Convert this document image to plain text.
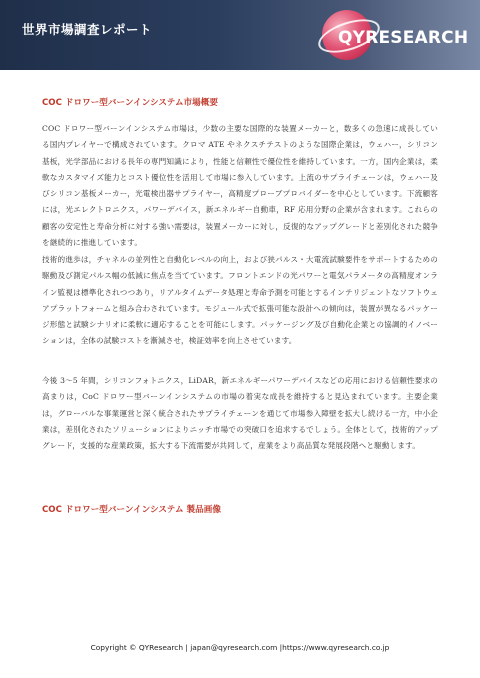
世界市場調査レポート	QYRESEARCH
COC ドロワー型バーンインシステム市場概要

COC ドロワー型バーンインシステム市場は，少数の主要な国際的な装置メーカーと，数多くの急速に成長している国内プレイヤーで構成されています。クロマ ATE やネクスチテストのような国際企業は，ウェハー，シリコン基板，光学部品における長年の専門知識により，性能と信頼性で優位性を維持しています。一方，国内企業は，柔軟なカスタマイズ能力とコスト優位性を活用して市場に参入しています。上流のサプライチェーンは，ウェハー及びシリコン基板メーカー，光電検出器サプライヤー，高精度プローブプロバイダーを中心としています。下流顧客には，光エレクトロニクス，パワーデバイス，新エネルギー自動車，RF 応用分野の企業が含まれます。これらの顧客の安定性と寿命分析に対する強い需要は，装置メーカーに対し，反復的なアップグレードと差別化された競争を継続的に推進しています。

技術的進歩は，チャネルの並列性と自動化レベルの向上，および狭パルス・大電流試験要件をサポートするための駆動及び測定パルス幅の低減に焦点を当てています。フロントエンドの光パワーと電気パラメータの高精度オンライン監視は標準化されつつあり，リアルタイムデータ処理と寿命予測を可能とするインテリジェントなソフトウェアプラットフォームと組み合わされています。モジュール式で拡張可能な設計への傾向は，装置が異なるパッケージ形態と試験シナリオに柔軟に適応することを可能にします。パッケージング及び自動化企業との協調的イノベーションは，全体の試験コストを漸減させ，検証効率を向上させています。

今後 3～5 年間，シリコンフォトニクス，LiDAR，新エネルギーパワーデバイスなどの応用における信頼性要求の高まりは，CoC ドロワー型バーンインシステムの市場の着実な成長を維持すると見込まれています。主要企業は，グローバルな事業運営と深く統合されたサプライチェーンを通じて市場参入障壁を拡大し続ける一方，中小企業は，差別化されたソリューションによりニッチ市場での突破口を追求するでしょう。全体として，技術的アップグレード，支援的な産業政策，拡大する下流需要が共同して，産業をより高品質な発展段階へと駆動します。

COC ドロワー型バーンインシステム 製品画像
Copyright © QYResearch | japan@qyresearch.com |https://www.qyresearch.co.jp
